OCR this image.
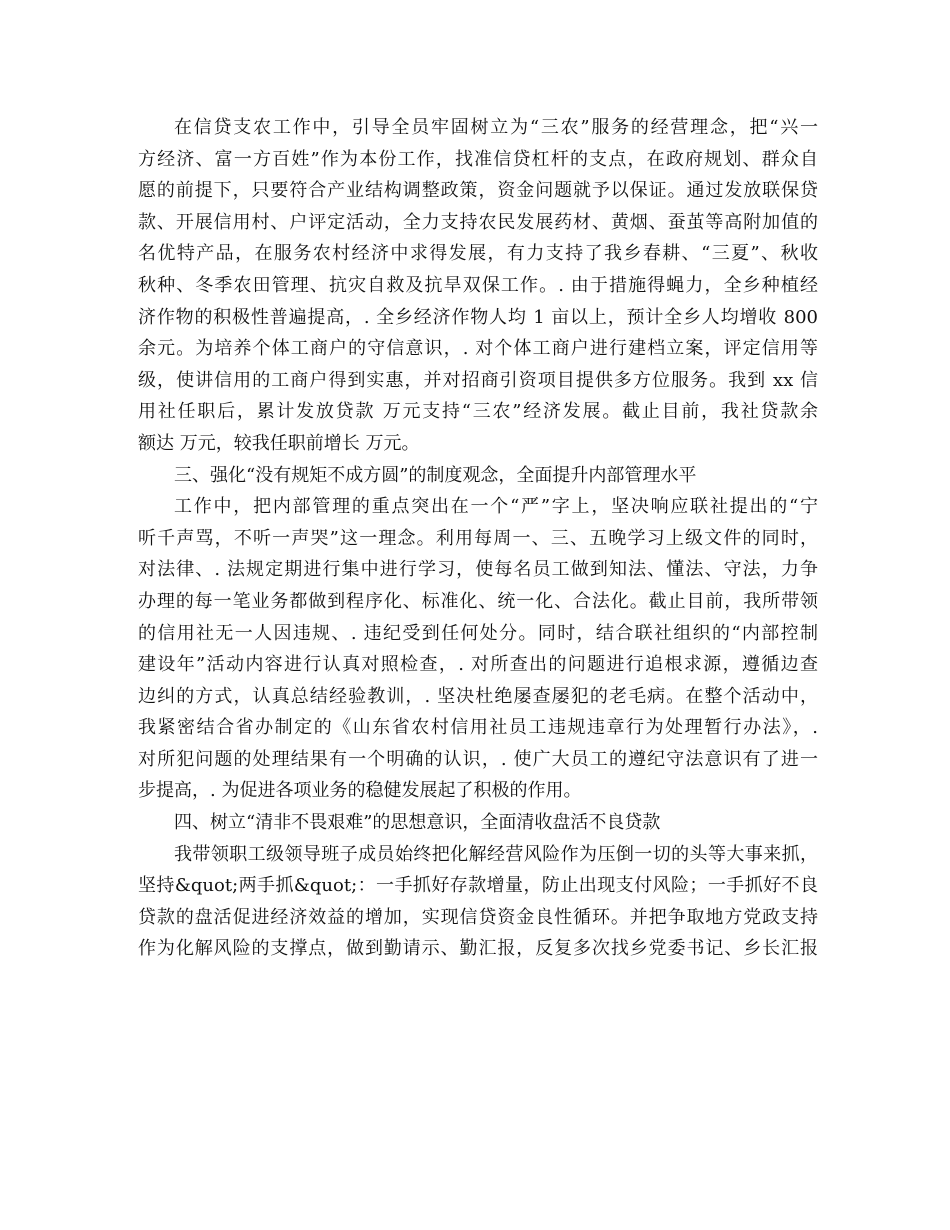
在信贷支农工作中，引导全员牢固树立为“三农”服务的经营理念，把“兴一
方经济、富一方百姓”作为本份工作，找准信贷杠杆的支点，在政府规划、群众自
愿的前提下，只要符合产业结构调整政策，资金问题就予以保证。通过发放联保贷
款、开展信用村、户评定活动，全力支持农民发展药材、黄烟、蚕茧等高附加值的
名优特产品，在服务农村经济中求得发展，有力支持了我乡春耕、“三夏”、秋收
秋种、冬季农田管理、抗灾自救及抗旱双保工作。. 由于措施得蝇力，全乡种植经
济作物的积极性普遍提高，. 全乡经济作物人均 1 亩以上，预计全乡人均增收 800
余元。为培养个体工商户的守信意识，. 对个体工商户进行建档立案，评定信用等
级，使讲信用的工商户得到实惠，并对招商引资项目提供多方位服务。我到 xx 信
用社任职后，累计发放贷款 万元支持“三农”经济发展。截止目前，我社贷款余
额达 万元，较我任职前增长 万元。
三、强化“没有规矩不成方圆”的制度观念，全面提升内部管理水平
工作中，把内部管理的重点突出在一个“严”字上，坚决响应联社提出的“宁
听千声骂，不听一声哭”这一理念。利用每周一、三、五晚学习上级文件的同时，
对法律、. 法规定期进行集中进行学习，使每名员工做到知法、懂法、守法，力争
办理的每一笔业务都做到程序化、标准化、统一化、合法化。截止目前，我所带领
的信用社无一人因违规、. 违纪受到任何处分。同时，结合联社组织的“内部控制
建设年”活动内容进行认真对照检查，. 对所查出的问题进行追根求源，遵循边查
边纠的方式，认真总结经验教训，. 坚决杜绝屡查屡犯的老毛病。在整个活动中，
我紧密结合省办制定的《山东省农村信用社员工违规违章行为处理暂行办法》，.
对所犯问题的处理结果有一个明确的认识，. 使广大员工的遵纪守法意识有了进一
步提高，. 为促进各项业务的稳健发展起了积极的作用。
四、树立“清非不畏艰难”的思想意识，全面清收盘活不良贷款
我带领职工级领导班子成员始终把化解经营风险作为压倒一切的头等大事来抓，
坚持&quot;两手抓&quot;：一手抓好存款增量，防止出现支付风险；一手抓好不良
贷款的盘活促进经济效益的增加，实现信贷资金良性循环。并把争取地方党政支持
作为化解风险的支撑点，做到勤请示、勤汇报，反复多次找乡党委书记、乡长汇报
